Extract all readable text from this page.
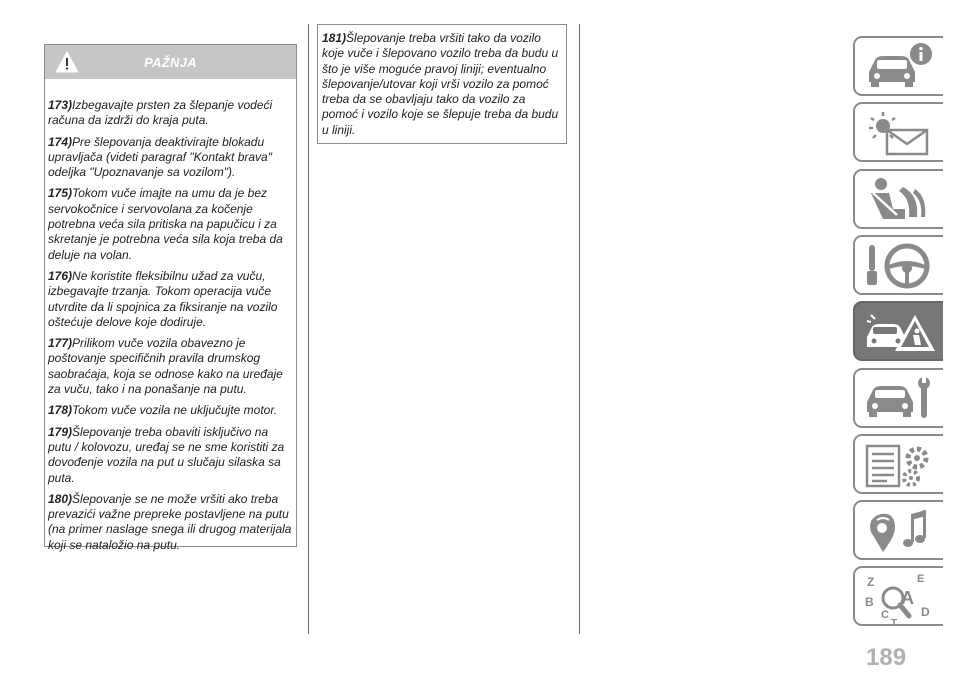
PAŽNJA

173)Izbegavajte prsten za šlepanje vodeći računa da izdrži do kraja puta.

174)Pre šlepovanja deaktivirajte blokadu upravljača (videti paragraf "Kontakt brava" odeljka "Upoznavanje sa vozilom").

175)Tokom vuče imajte na umu da je bez servokočnice i servovolana za kočenje potrebna veća sila pritiska na papučicu i za skretanje je potrebna veća sila koja treba da deluje na volan.

176)Ne koristite fleksibilnu užad za vuču, izbegavajte trzanja. Tokom operacija vuče utvrdite da li spojnica za fiksiranje na vozilo oštećuje delove koje dodiruje.

177)Prilikom vuče vozila obavezno je poštovanje specifičnih pravila drumskog saobraćaja, koja se odnose kako na uređaje za vuču, tako i na ponašanje na putu.

178)Tokom vuče vozila ne uključujte motor.

179)Šlepovanje treba obaviti isključivo na putu / kolovozu, uređaj se ne sme koristiti za dovođenje vozila na put u slučaju silaska sa puta.

180)Šlepovanje se ne može vršiti ako treba prevazići važne prepreke postavljene na putu (na primer naslage snega ili drugog materijala koji se nataložio na putu.

181)Šlepovanje treba vršiti tako da vozilo koje vuče i šlepovano vozilo treba da budu u što je više moguće pravoj liniji; eventualno šlepovanje/utovar koji vrši vozilo za pomoć treba da se obavljaju tako da vozilo za pomoć i vozilo koje se šlepuje treba da budu u liniji.

Z	E
A
B
C
T
D
189
